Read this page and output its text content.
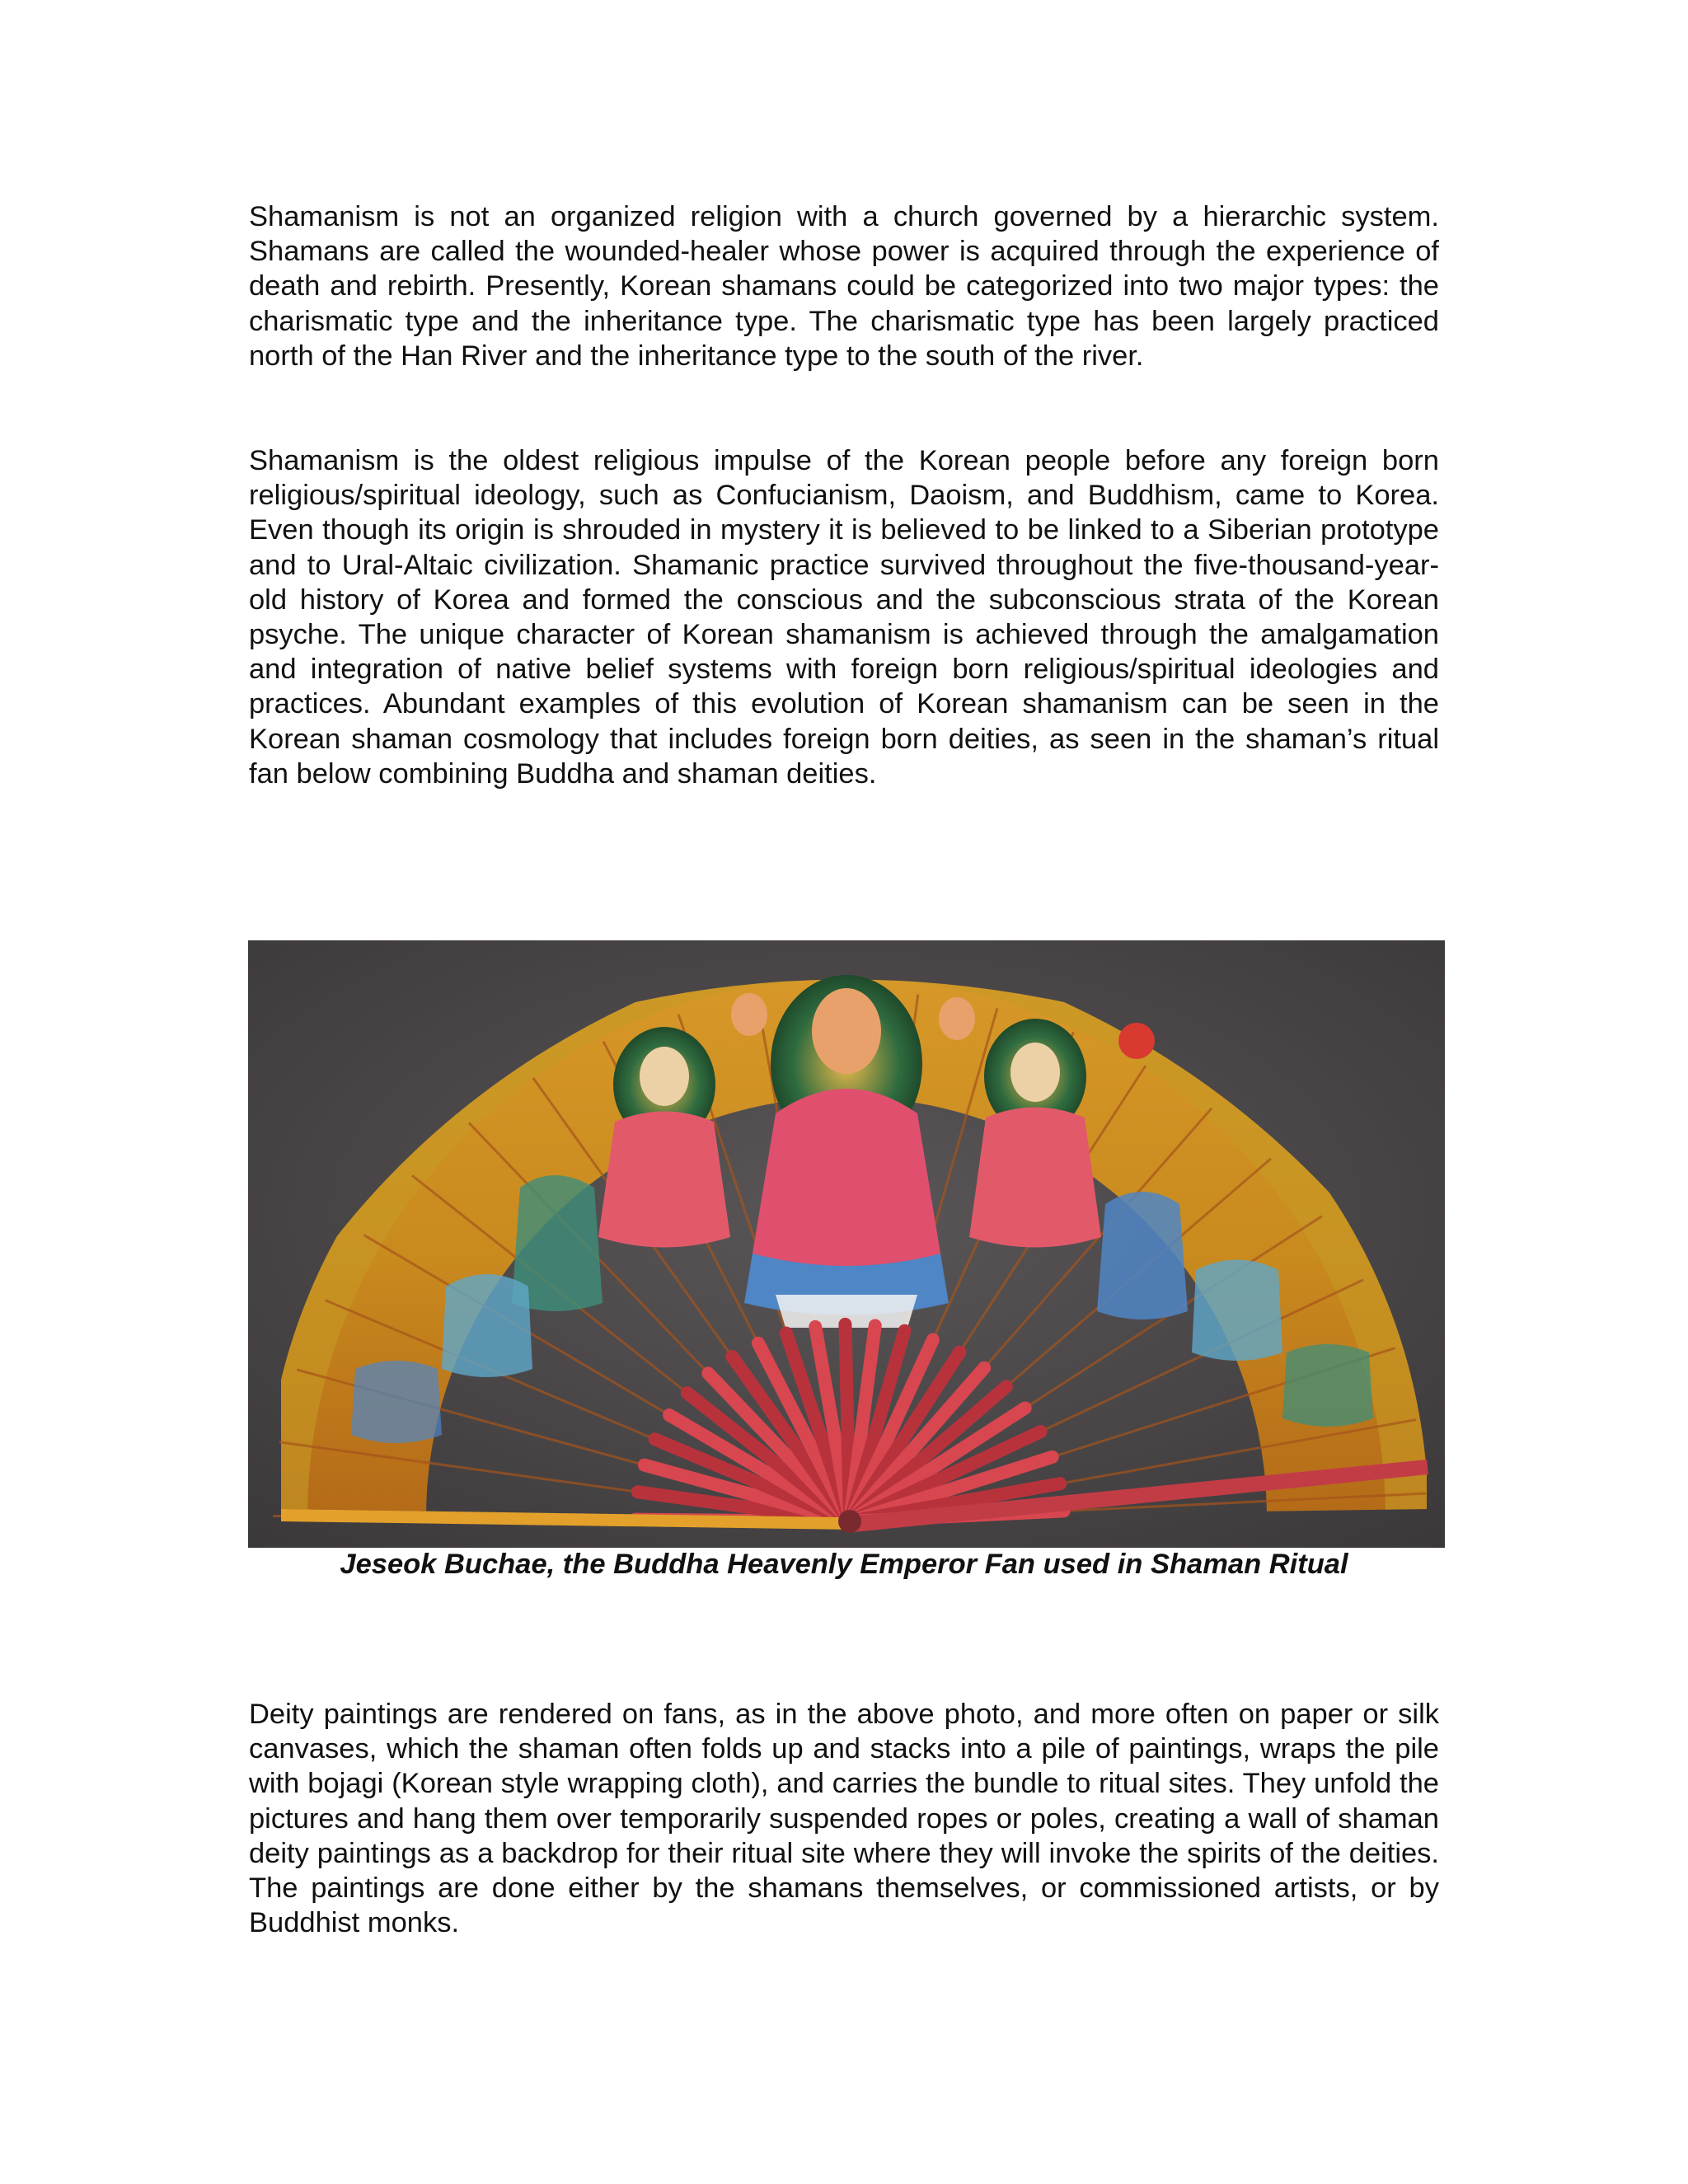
Shamanism is not an organized religion with a church governed by a hierarchic system. Shamans are called the wounded-healer whose power is acquired through the experience of death and rebirth. Presently, Korean shamans could be categorized into two major types: the charismatic type and the inheritance type. The charismatic type has been largely practiced north of the Han River and the inheritance type to the south of the river.

Shamanism is the oldest religious impulse of the Korean people before any foreign born religious/spiritual ideology, such as Confucianism, Daoism, and Buddhism, came to Korea. Even though its origin is shrouded in mystery it is believed to be linked to a Siberian prototype and to Ural-Altaic civilization. Shamanic practice survived throughout the five-thousand-year-old history of Korea and formed the conscious and the subconscious strata of the Korean psyche. The unique character of Korean shamanism is achieved through the amalgamation and integration of native belief systems with foreign born religious/spiritual ideologies and practices. Abundant examples of this evolution of Korean shamanism can be seen in the Korean shaman cosmology that includes foreign born deities, as seen in the shaman’s ritual fan below combining Buddha and shaman deities.

Jeseok Buchae, the Buddha Heavenly Emperor Fan used in Shaman Ritual

Deity paintings are rendered on fans, as in the above photo, and more often on paper or silk canvases, which the shaman often folds up and stacks into a pile of paintings, wraps the pile with bojagi (Korean style wrapping cloth), and carries the bundle to ritual sites. They unfold the pictures and hang them over temporarily suspended ropes or poles, creating a wall of shaman deity paintings as a backdrop for their ritual site where they will invoke the spirits of the deities. The paintings are done either by the shamans themselves, or commissioned artists, or by Buddhist monks.
